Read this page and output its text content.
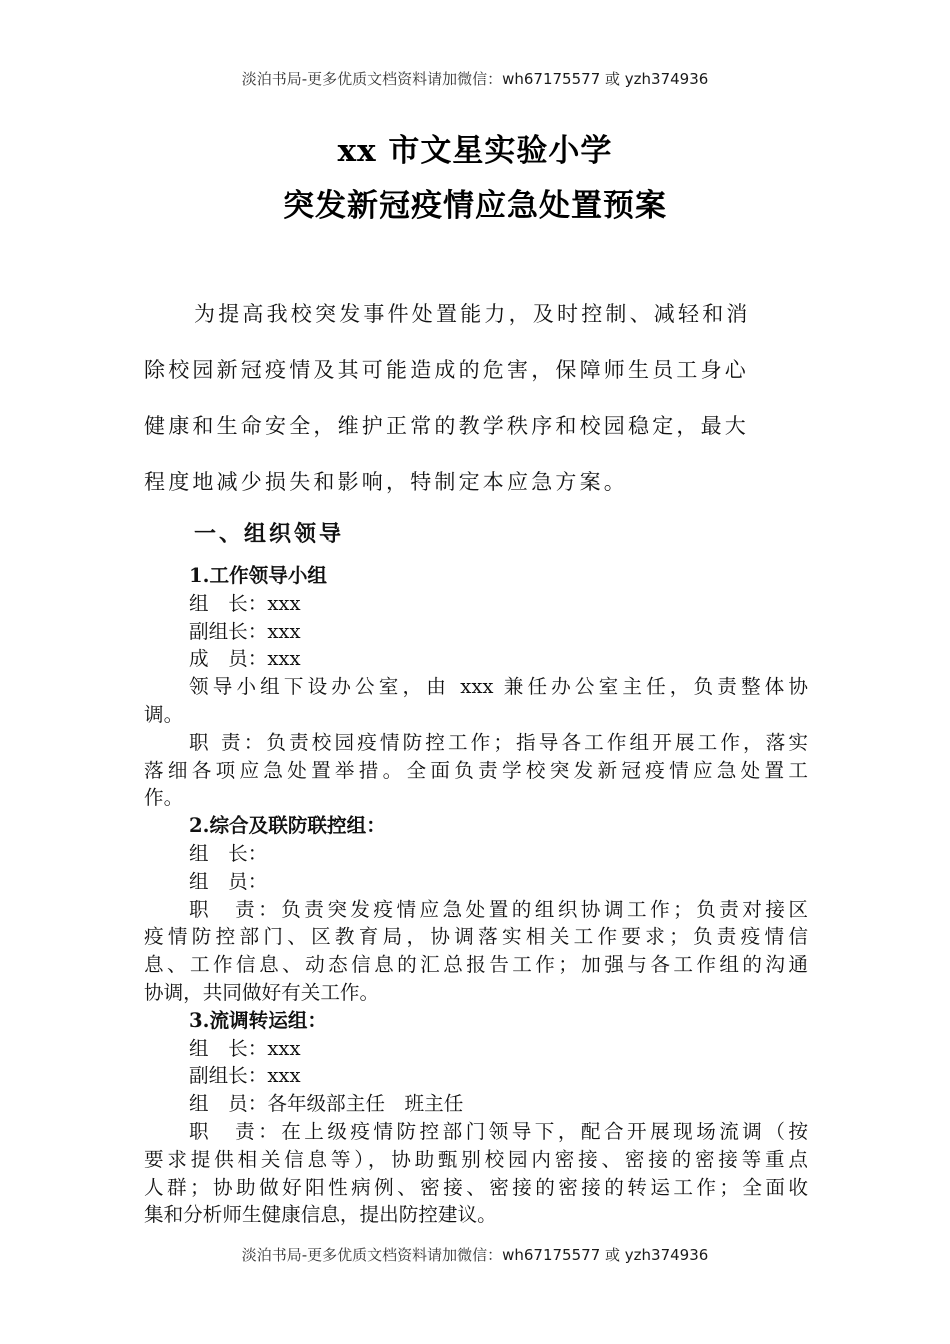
淡泊书局-更多优质文档资料请加微信：wh67175577 或 yzh374936
xx 市文星实验小学
突发新冠疫情应急处置预案
为提高我校突发事件处置能力，及时控制、减轻和消
除校园新冠疫情及其可能造成的危害，保障师生员工身心
健康和生命安全，维护正常的教学秩序和校园稳定，最大
程度地减少损失和影响，特制定本应急方案。
一、组织领导
1.工作领导小组
组　长：xxx
副组长：xxx
成　员：xxx
领导小组下设办公室，由 xxx 兼任办公室主任，负责整体协
调。
职 责：负责校园疫情防控工作；指导各工作组开展工作，落实
落细各项应急处置举措。全面负责学校突发新冠疫情应急处置工
作。
2.综合及联防联控组：
组　长：
组　员：
职　责：负责突发疫情应急处置的组织协调工作；负责对接区
疫情防控部门、区教育局，协调落实相关工作要求；负责疫情信
息、工作信息、动态信息的汇总报告工作；加强与各工作组的沟通
协调，共同做好有关工作。
3.流调转运组：
组　长：xxx
副组长：xxx
组　员：各年级部主任　班主任
职　责：在上级疫情防控部门领导下，配合开展现场流调（按
要求提供相关信息等），协助甄别校园内密接、密接的密接等重点
人群；协助做好阳性病例、密接、密接的密接的转运工作；全面收
集和分析师生健康信息，提出防控建议。
淡泊书局-更多优质文档资料请加微信：wh67175577 或 yzh374936
